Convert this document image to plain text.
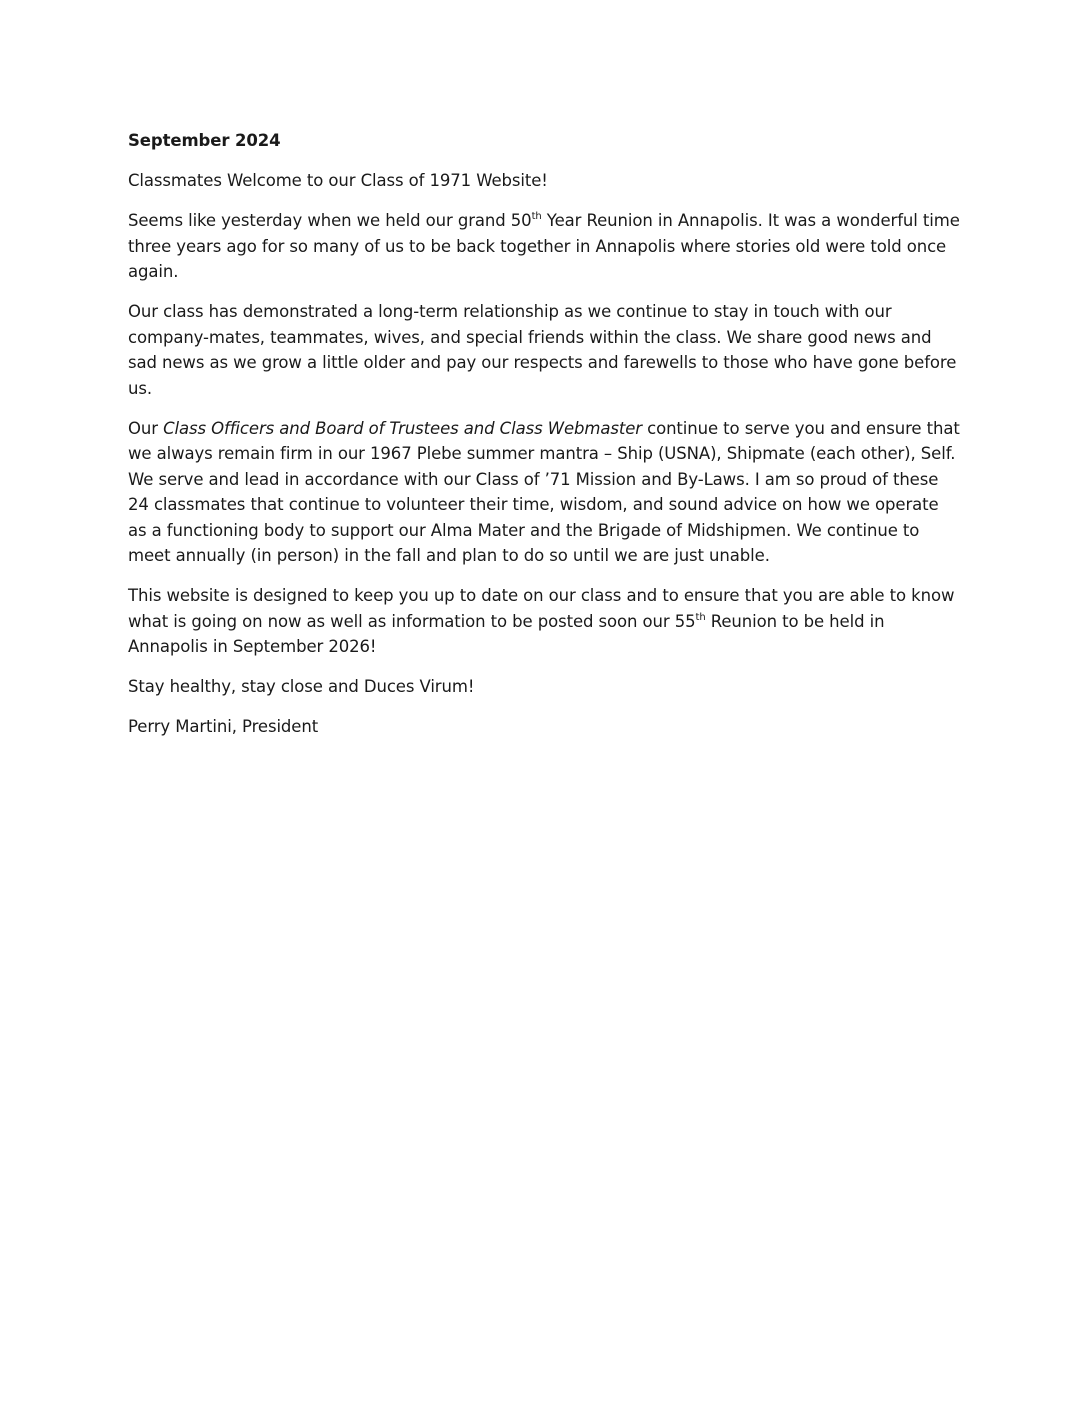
September 2024

Classmates Welcome to our Class of 1971 Website!

Seems like yesterday when we held our grand 50th Year Reunion in Annapolis. It was a wonderful time three years ago for so many of us to be back together in Annapolis where stories old were told once again.

Our class has demonstrated a long-term relationship as we continue to stay in touch with our company-mates, teammates, wives, and special friends within the class. We share good news and sad news as we grow a little older and pay our respects and farewells to those who have gone before us.

Our Class Officers and Board of Trustees and Class Webmaster continue to serve you and ensure that we always remain firm in our 1967 Plebe summer mantra – Ship (USNA), Shipmate (each other), Self. We serve and lead in accordance with our Class of ’71 Mission and By-Laws. I am so proud of these 24 classmates that continue to volunteer their time, wisdom, and sound advice on how we operate as a functioning body to support our Alma Mater and the Brigade of Midshipmen. We continue to meet annually (in person) in the fall and plan to do so until we are just unable.

This website is designed to keep you up to date on our class and to ensure that you are able to know what is going on now as well as information to be posted soon our 55th Reunion to be held in Annapolis in September 2026!

Stay healthy, stay close and Duces Virum!

Perry Martini, President
